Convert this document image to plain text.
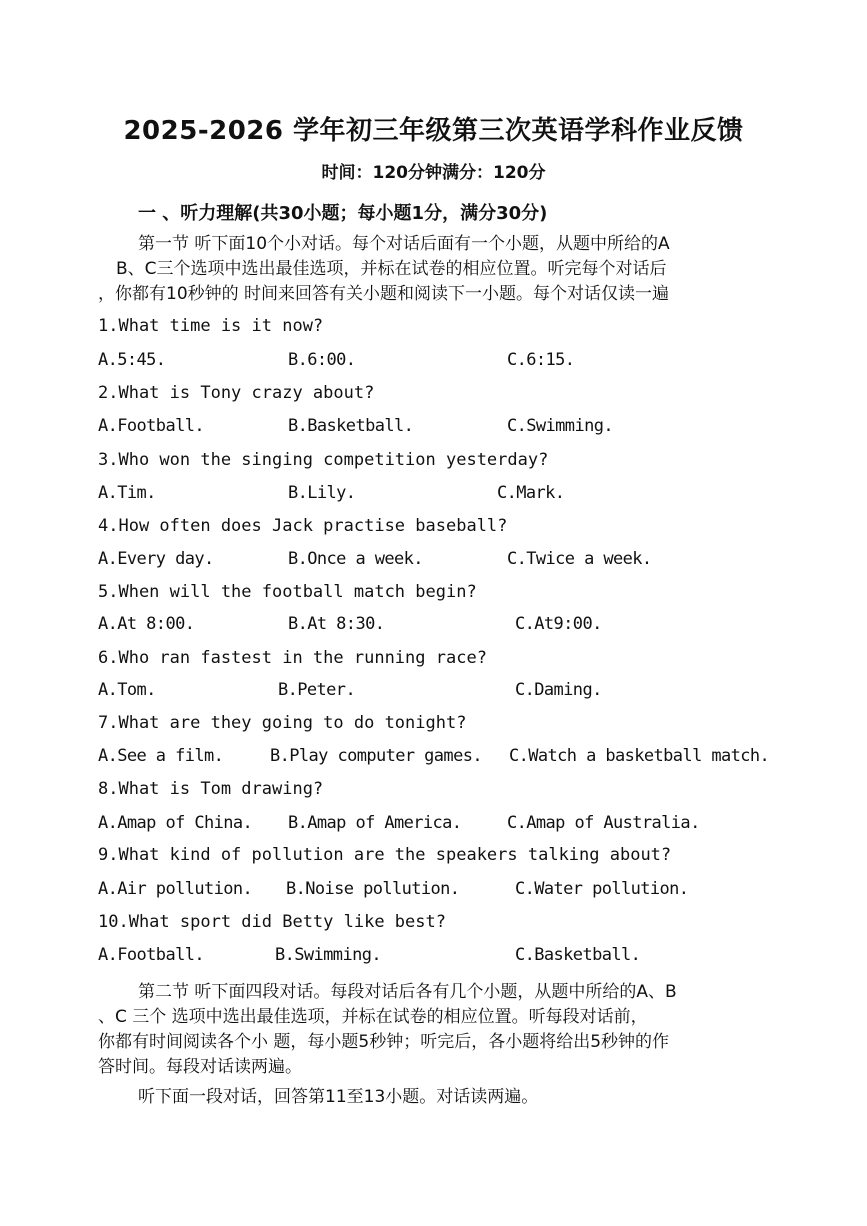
2025-2026 学年初三年级第三次英语学科作业反馈
时间：120分钟满分：120分
一 、听力理解(共30小题；每小题1分，满分30分)
第一节 听下面10个小对话。每个对话后面有一个小题，从题中所给的A
B、C三个选项中选出最佳选项，并标在试卷的相应位置。听完每个对话后
，你都有10秒钟的 时间来回答有关小题和阅读下一小题。每个对话仅读一遍
1.What time is it now?
A.5:45.	B.6:00.	C.6:15.
2.What is Tony crazy about?
A.Football.	B.Basketball.	C.Swimming.
3.Who won the singing competition yesterday?
A.Tim.	B.Lily.	C.Mark.
4.How often does Jack practise baseball?
A.Every day.	B.Once a week.	C.Twice a week.
5.When will the football match begin?
A.At 8:00.	B.At 8:30.	C.At9:00.
6.Who ran fastest in the running race?
A.Tom.	B.Peter.	C.Daming.
7.What are they going to do tonight?
A.See a film.	B.Play computer games. C.Watch a basketball match.
8.What is Tom drawing?
A.Amap of China. B.Amap of America.	C.Amap of Australia.
9.What kind of pollution are the speakers talking about?
A.Air pollution. B.Noise pollution.	C.Water pollution.
10.What sport did Betty like best?
A.Football.	B.Swimming.	C.Basketball.
第二节 听下面四段对话。每段对话后各有几个小题，从题中所给的A、B
、C 三个 选项中选出最佳选项，并标在试卷的相应位置。听每段对话前，
你都有时间阅读各个小 题，每小题5秒钟；听完后，各小题将给出5秒钟的作
答时间。每段对话读两遍。
听下面一段对话，回答第11至13小题。对话读两遍。
